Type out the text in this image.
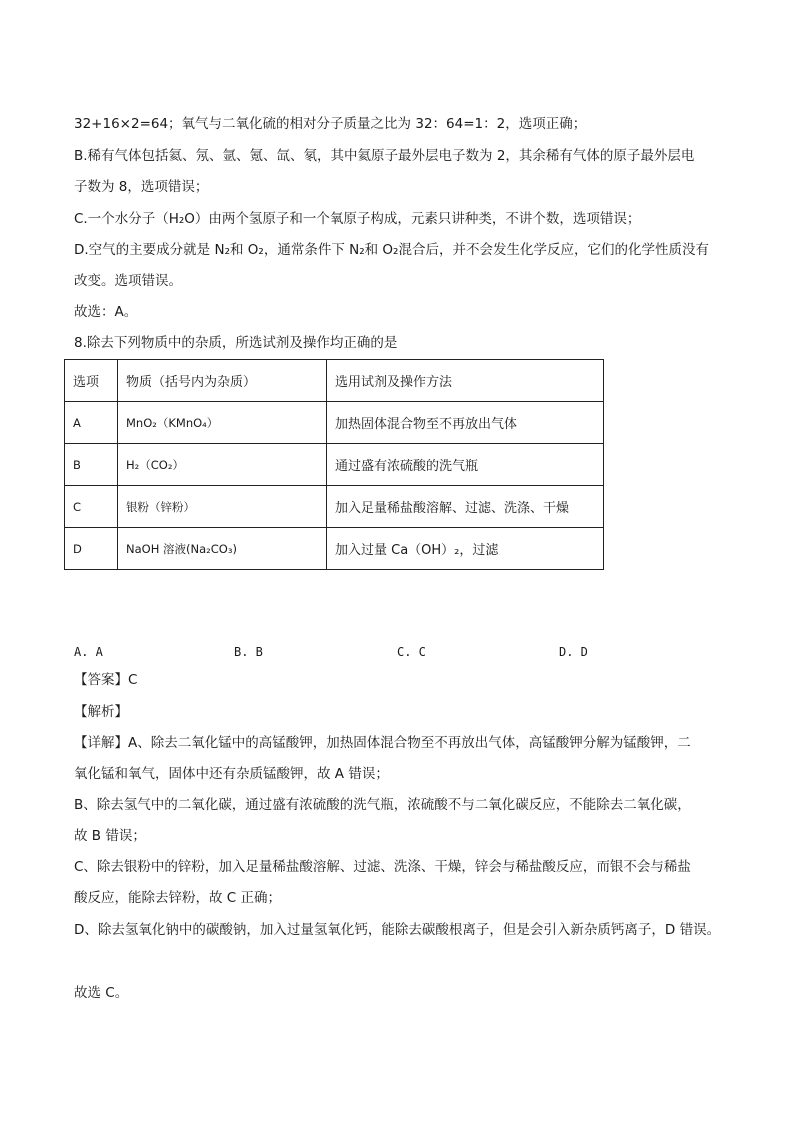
32+16×2=64；氧气与二氧化硫的相对分子质量之比为 32：64=1：2，选项正确；
B.稀有气体包括氦、氖、氩、氪、氙、氡，其中氦原子最外层电子数为 2，其余稀有气体的原子最外层电
子数为 8，选项错误；
C.一个水分子（H₂O）由两个氢原子和一个氧原子构成，元素只讲种类，不讲个数，选项错误；
D.空气的主要成分就是 N₂和 O₂，通常条件下 N₂和 O₂混合后，并不会发生化学反应，它们的化学性质没有
改变。选项错误。
故选：A。
8.除去下列物质中的杂质，所选试剂及操作均正确的是
选项	物质（括号内为杂质）	选用试剂及操作方法
A	MnO₂（KMnO₄）	加热固体混合物至不再放出气体
B	H₂（CO₂）	通过盛有浓硫酸的洗气瓶
C	银粉（锌粉）	加入足量稀盐酸溶解、过滤、洗涤、干燥
D	NaOH 溶液(Na₂CO₃)	加入过量 Ca（OH）₂，过滤
A. A	B. B	C. C	D. D
【答案】C
【解析】
【详解】A、除去二氧化锰中的高锰酸钾，加热固体混合物至不再放出气体，高锰酸钾分解为锰酸钾，二
氧化锰和氧气，固体中还有杂质锰酸钾，故 A 错误；
B、除去氢气中的二氧化碳，通过盛有浓硫酸的洗气瓶，浓硫酸不与二氧化碳反应，不能除去二氧化碳，
故 B 错误；
C、除去银粉中的锌粉，加入足量稀盐酸溶解、过滤、洗涤、干燥，锌会与稀盐酸反应，而银不会与稀盐
酸反应，能除去锌粉，故 C 正确；
D、除去氢氧化钠中的碳酸钠，加入过量氢氧化钙，能除去碳酸根离子，但是会引入新杂质钙离子，D 错误。
故选 C。
